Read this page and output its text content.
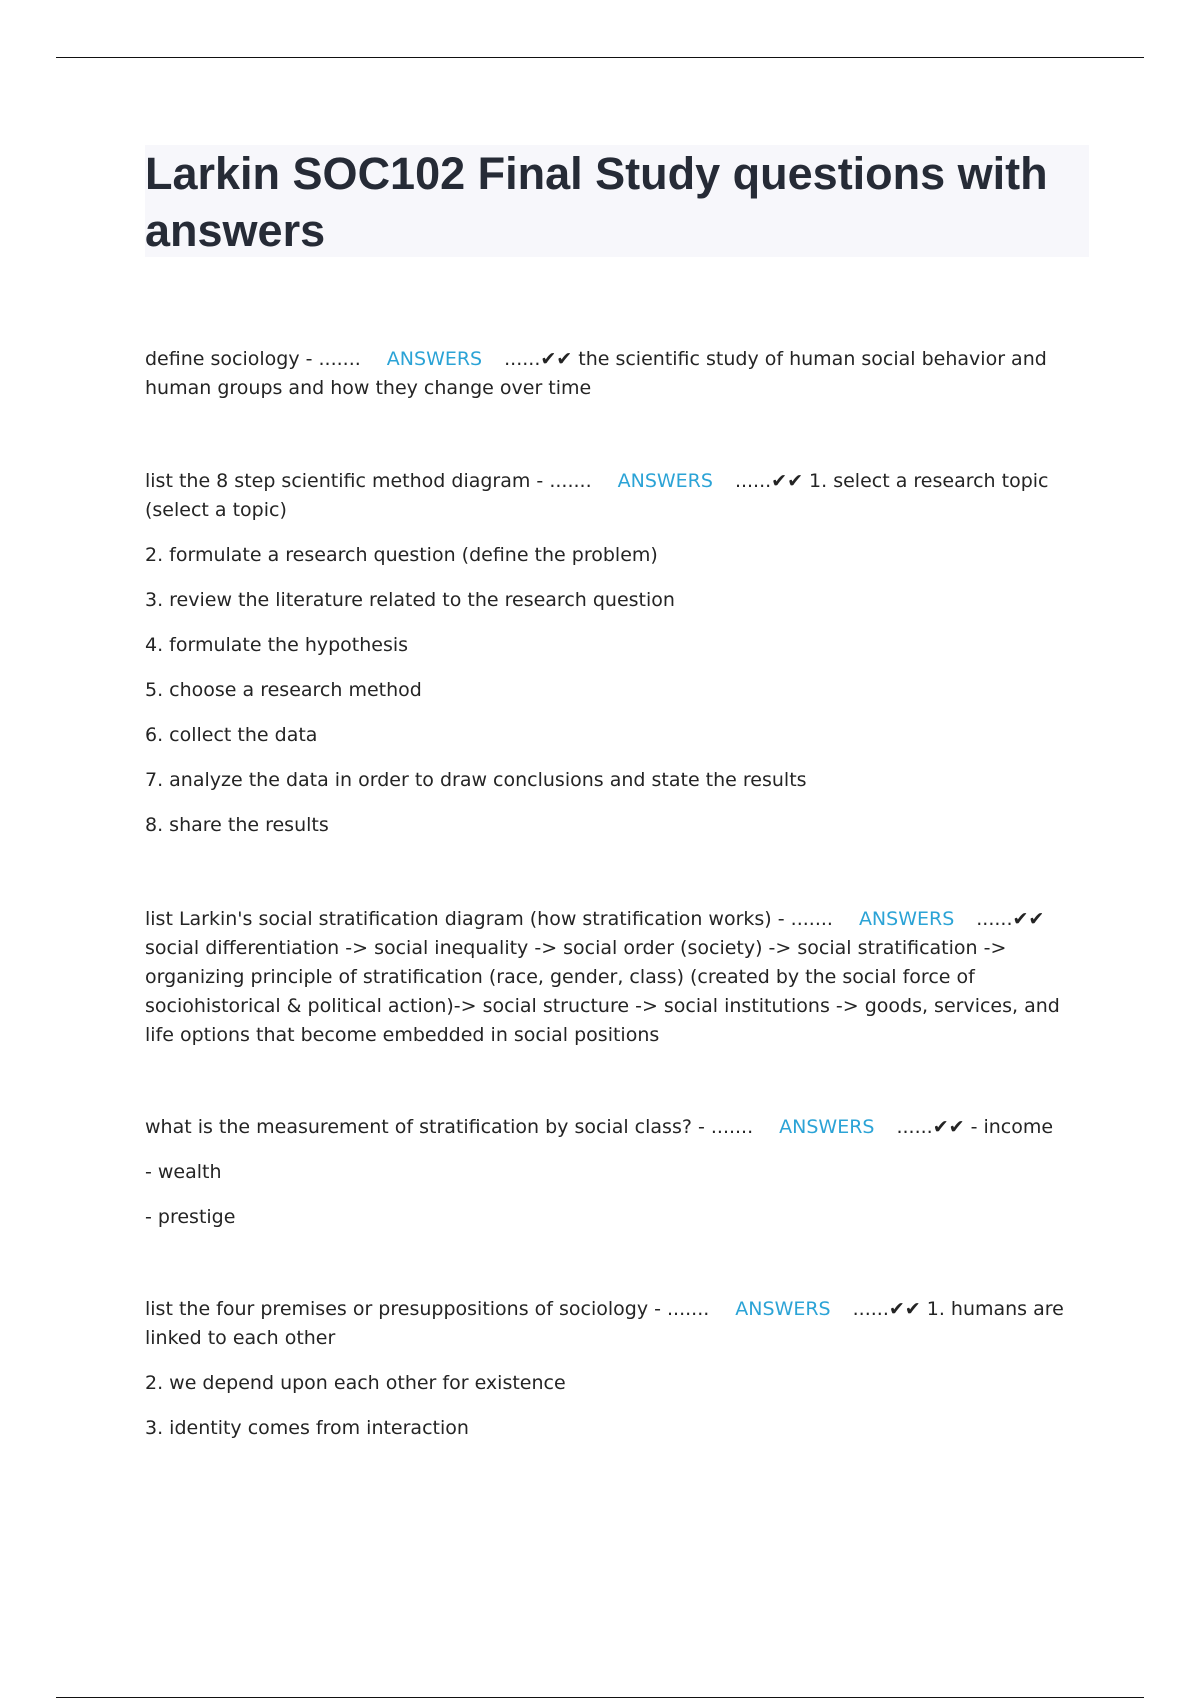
Larkin SOC102 Final Study questions with answers

define sociology - ....... ANSWERS ......✔✔ the scientific study of human social behavior and human groups and how they change over time

list the 8 step scientific method diagram - ....... ANSWERS ......✔✔ 1. select a research topic (select a topic)

2. formulate a research question (define the problem)

3. review the literature related to the research question

4. formulate the hypothesis

5. choose a research method

6. collect the data

7. analyze the data in order to draw conclusions and state the results

8. share the results

list Larkin's social stratification diagram (how stratification works) - ....... ANSWERS ......✔✔ social differentiation -> social inequality -> social order (society) -> social stratification -> organizing principle of stratification (race, gender, class) (created by the social force of sociohistorical & political action)-> social structure -> social institutions -> goods, services, and life options that become embedded in social positions

what is the measurement of stratification by social class? - ....... ANSWERS ......✔✔ - income

- wealth

- prestige

list the four premises or presuppositions of sociology - ....... ANSWERS ......✔✔ 1. humans are linked to each other

2. we depend upon each other for existence

3. identity comes from interaction
